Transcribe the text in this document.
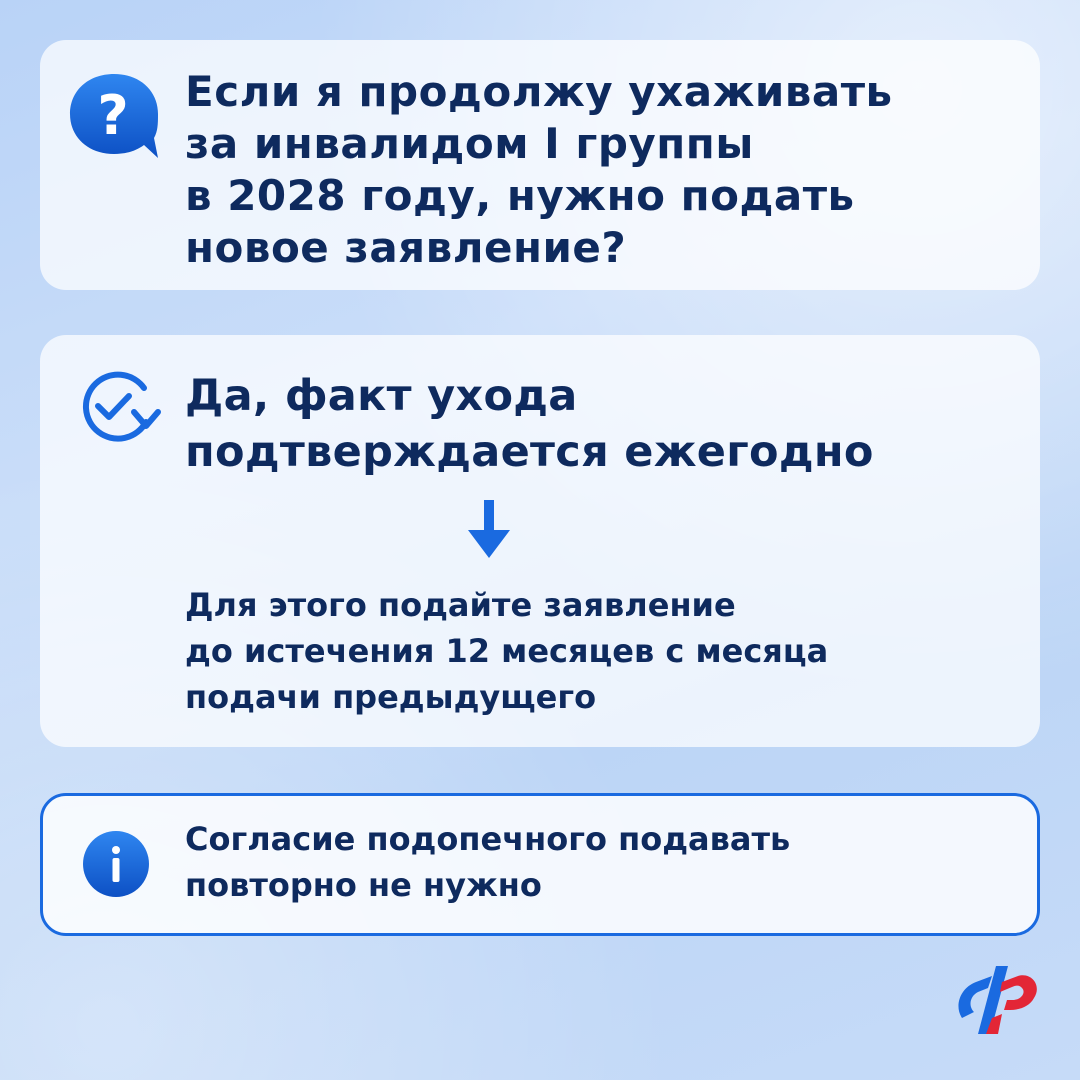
? Если я продолжу ухаживать
за инвалидом I группы
в 2028 году, нужно подать
новое заявление?

Да, факт ухода
подтверждается ежегодно

Для этого подайте заявление
до истечения 12 месяцев с месяца
подачи предыдущего

Согласие подопечного подавать
повторно не нужно
